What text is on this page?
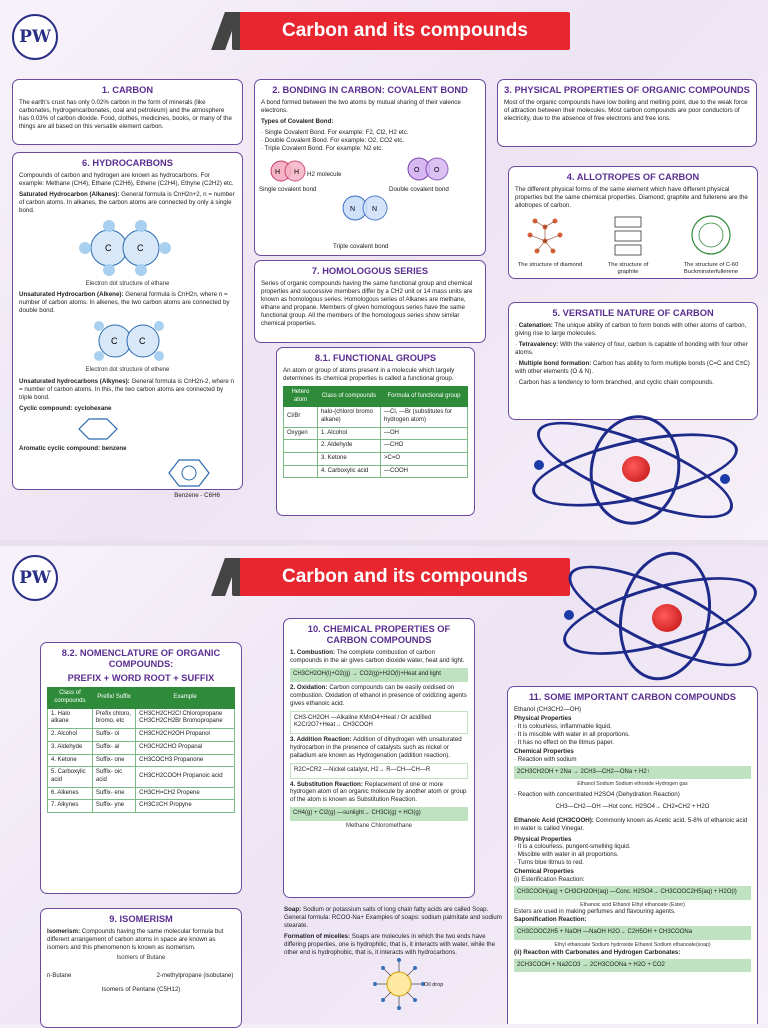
PW	Carbon and its compounds
1. CARBON

The earth's crust has only 0.02% carbon in the form of minerals (like carbonates, hydrogencarbonates, coal and petroleum) and the atmosphere has 0.03% of carbon dioxide. Food, clothes, medicines, books, or many of the things are all based on this versatile element carbon.

2. BONDING IN CARBON: COVALENT BOND

A bond formed between the two atoms by mutual sharing of their valence electrons.

Types of Covalent Bond:

· Single Covalent Bond. For example: F2, Cl2, H2 etc.
· Double Covalent Bond. For example: O2, CO2 etc.
· Triple Covalent Bond. For example: N2 etc.
H H	O O
N N
H2 molecule
Single covalent bond	Double covalent bond
Triple covalent bond
3. PHYSICAL PROPERTIES OF ORGANIC COMPOUNDS

Most of the organic compounds have low boiling and melting point, due to the weak force of attraction between their molecules. Most carbon compounds are poor conductors of electricity, due to the absence of free electrons and free ions.

6. HYDROCARBONS

Compounds of carbon and hydrogen are known as hydrocarbons. For example: Methane (CH4), Ethane (C2H6), Ethene (C2H4), Ethyne (C2H2) etc.

Saturated Hydrocarbon (Alkanes): General formula is CnH2n+2, n = number of carbon atoms. In alkanes, the carbon atoms are connected by only a single bond.

C	C
Electron dot structure of ethane

Unsaturated Hydrocarbon (Alkene): General formula is CnH2n, where n = number of carbon atoms. In alkenes, the two carbon atoms are connected by double bond.

C C
Electron dot structure of ethene

Unsaturated hydrocarbons (Alkynes): General formula is CnH2n-2, where n = number of carbon atoms. In this, the two carbon atoms are connected by triple bond.

Cyclic compound: cyclohexane

Aromatic cyclic compound: benzene

Benzene - C6H6
4. ALLOTROPES OF CARBON

The different physical forms of the same element which have different physical properties but the same chemical properties. Diamond, graphite and fullerene are the allotropes of carbon.

The structure of diamond	The structure of graphite
The structure of C-60 Buckminsterfullerene
7. HOMOLOGOUS SERIES

Series of organic compounds having the same functional group and chemical properties and successive members differ by a CH2 unit or 14 mass units are known as homologous series. Homologous series of Alkanes are methane, ethane and propane. Members of given homologous series have the same functional group. All the members of the homologous series show similar chemical properties.

5. VERSATILE NATURE OF CARBON

· Catenation: The unique ability of carbon to form bonds with other atoms of carbon, giving rise to large molecules.

· Tetravalency: With the valency of four, carbon is capable of bonding with four other atoms.

· Multiple bond formation: Carbon has ability to form multiple bonds (C=C and C≡C) with other elements (O & N).

· Carbon has a tendency to form branched, and cyclic chain compounds.

8.1. FUNCTIONAL GROUPS

An atom or group of atoms present in a molecule which largely determines its chemical properties is called a functional group.

Hetero atom	Class of compounds	Formula of functional group
Cl/Br	halo-(chloro/ bromo alkane)	—Cl, —Br (substitutes for hydrogen atom)
Oxygen	1. Alcohol	—OH
	2. Aldehyde	—CHO
	3. Ketone	>C=O
	4. Carboxylic acid	—COOH
PW	Carbon and its compounds
8.2. NOMENCLATURE OF ORGANIC COMPOUNDS:
PREFIX + WORD ROOT + SUFFIX
Class of compounds	Prefix/ Suffix	Example
1. Halo alkane	Prefix chloro, bromo, etc	CH3CH2CH2Cl Chloropropane CH3CH2CH2Br Bromopropane
2. Alcohol	Suffix- ol	CH3CH2CH2OH Propanol
3. Aldehyde	Suffix- al	CH3CH2CHO Propanal
4. Ketone	Suffix- one	CH3COCH3 Propanone
5. Carboxylic acid	Suffix- oic acid	CH3CH2COOH Propanoic acid
6. Alkenes	Suffix- ene	CH3CH=CH2 Propene
7. Alkynes	Suffix- yne	CH3C≡CH Propyne
9. ISOMERISM

Isomerism: Compounds having the same molecular formula but different arrangement of carbon atoms in space are known as isomers and this phenomenon is known as isomerism.

Isomers of Butane
n-Butane	2-methylpropane (isobutane)
Isomers of Pentane (C5H12)
10. CHEMICAL PROPERTIES OF CARBON COMPOUNDS

1. Combustion: The complete combustion of carbon compounds in the air gives carbon dioxide water, heat and light.

CH3CH2OH(l)+O2(g) → CO2(g)+H2O(l)+Heat and light

2. Oxidation: Carbon compounds can be easily oxidised on combustion. Oxidation of ethanol in presence of oxidizing agents gives ethanoic acid.

CH3-CH2OH —Alkaline KMnO4+Heat / Or acidified K2Cr2O7+Heat→ CH3COOH

3. Addition Reaction: Addition of dihydrogen with unsaturated hydrocarbon in the presence of catalysts such as nickel or palladium are known as Hydrogenation (addition reaction).

R2C=CR2 —Nickel catalyst, H2→ R—CH—CH—R

4. Substitution Reaction: Replacement of one or more hydrogen atom of an organic molecule by another atom or group of the atom is known as Substitution Reaction.

CH4(g) + Cl2(g) —sunlight→ CH3Cl(g) + HCl(g)
Methane Chloromethane

Soap: Sodium or potassium salts of long chain fatty acids are called Soap. General formula: RCOO-Na+ Examples of soaps: sodium palmitate and sodium stearate.

Formation of micelles: Soaps are molecules in which the two ends have differing properties, one is hydrophilic, that is, it interacts with water, while the other end is hydrophobic, that is, it interacts with hydrocarbons.

Oil drop
11. SOME IMPORTANT CARBON COMPOUNDS

Ethanol (CH3CH2—OH)

Physical Properties

· It is colourless, inflammable liquid.
· It is miscible with water in all proportions.
· It has no effect on the litmus paper.

Chemical Properties

· Reaction with sodium
2CH3CH2OH + 2Na → 2CH3—CH2—ONa + H2↑
Ethanol Sodium Sodium ethoxide Hydrogen gas
· Reaction with concentrated H2SO4 (Dehydration Reaction)
CH3—CH2—OH —Hot conc. H2SO4→ CH2=CH2 + H2O

Ethanoic Acid (CH3COOH): Commonly known as Acetic acid. 5-8% of ethanoic acid in water is called Vinegar.

Physical Properties

· It is a colourless, pungent-smelling liquid.
· Miscible with water in all proportions.
· Turns blue litmus to red.

Chemical Properties

(i) Esterification Reaction:
CH3COOH(aq) + CH3CH2OH(aq) —Conc. H2SO4→ CH3COOC2H5(aq) + H2O(l)
Ethanoic acid Ethanol Ethyl ethanoate (Ester)
Esters are used in making perfumes and flavouring agents.
Saponification Reaction:
CH3COOC2H5 + NaOH —NaOH H2O→ C2H5OH + CH3COONa
Ethyl ethanoate Sodium hydroxide Ethanol Sodium ethanoate(soap)
(ii) Reaction with Carbonates and Hydrogen Carbonates:
2CH3COOH + Na2CO3 → 2CH3COONa + H2O + CO2
